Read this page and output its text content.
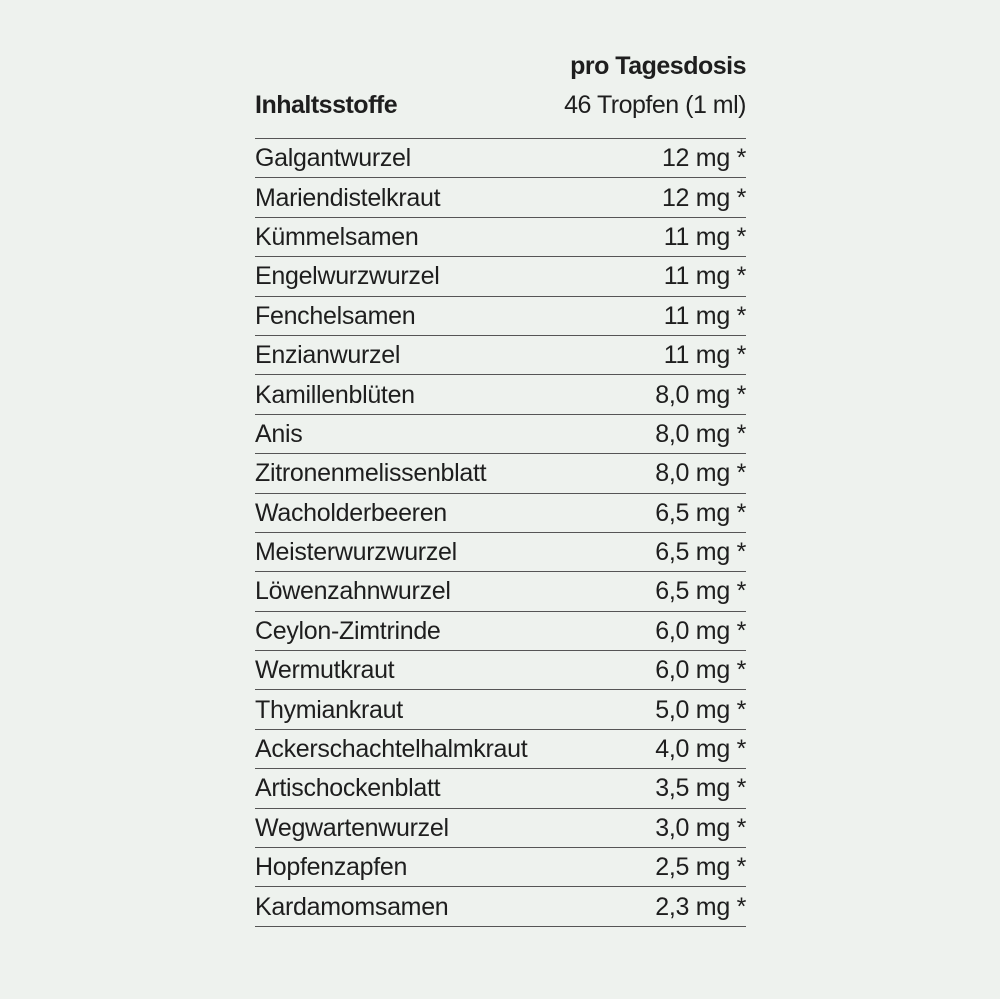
Inhaltsstoffe
pro Tagesdosis
46 Tropfen (1 ml)
Galgantwurzel	12 mg *
Mariendistelkraut	12 mg *
Kümmelsamen	11 mg *
Engelwurzwurzel	11 mg *
Fenchelsamen	11 mg *
Enzianwurzel	11 mg *
Kamillenblüten	8,0 mg *
Anis	8,0 mg *
Zitronenmelissenblatt	8,0 mg *
Wacholderbeeren	6,5 mg *
Meisterwurzwurzel	6,5 mg *
Löwenzahnwurzel	6,5 mg *
Ceylon-Zimtrinde	6,0 mg *
Wermutkraut	6,0 mg *
Thymiankraut	5,0 mg *
Ackerschachtelhalmkraut	4,0 mg *
Artischockenblatt	3,5 mg *
Wegwartenwurzel	3,0 mg *
Hopfenzapfen	2,5 mg *
Kardamomsamen	2,3 mg *
